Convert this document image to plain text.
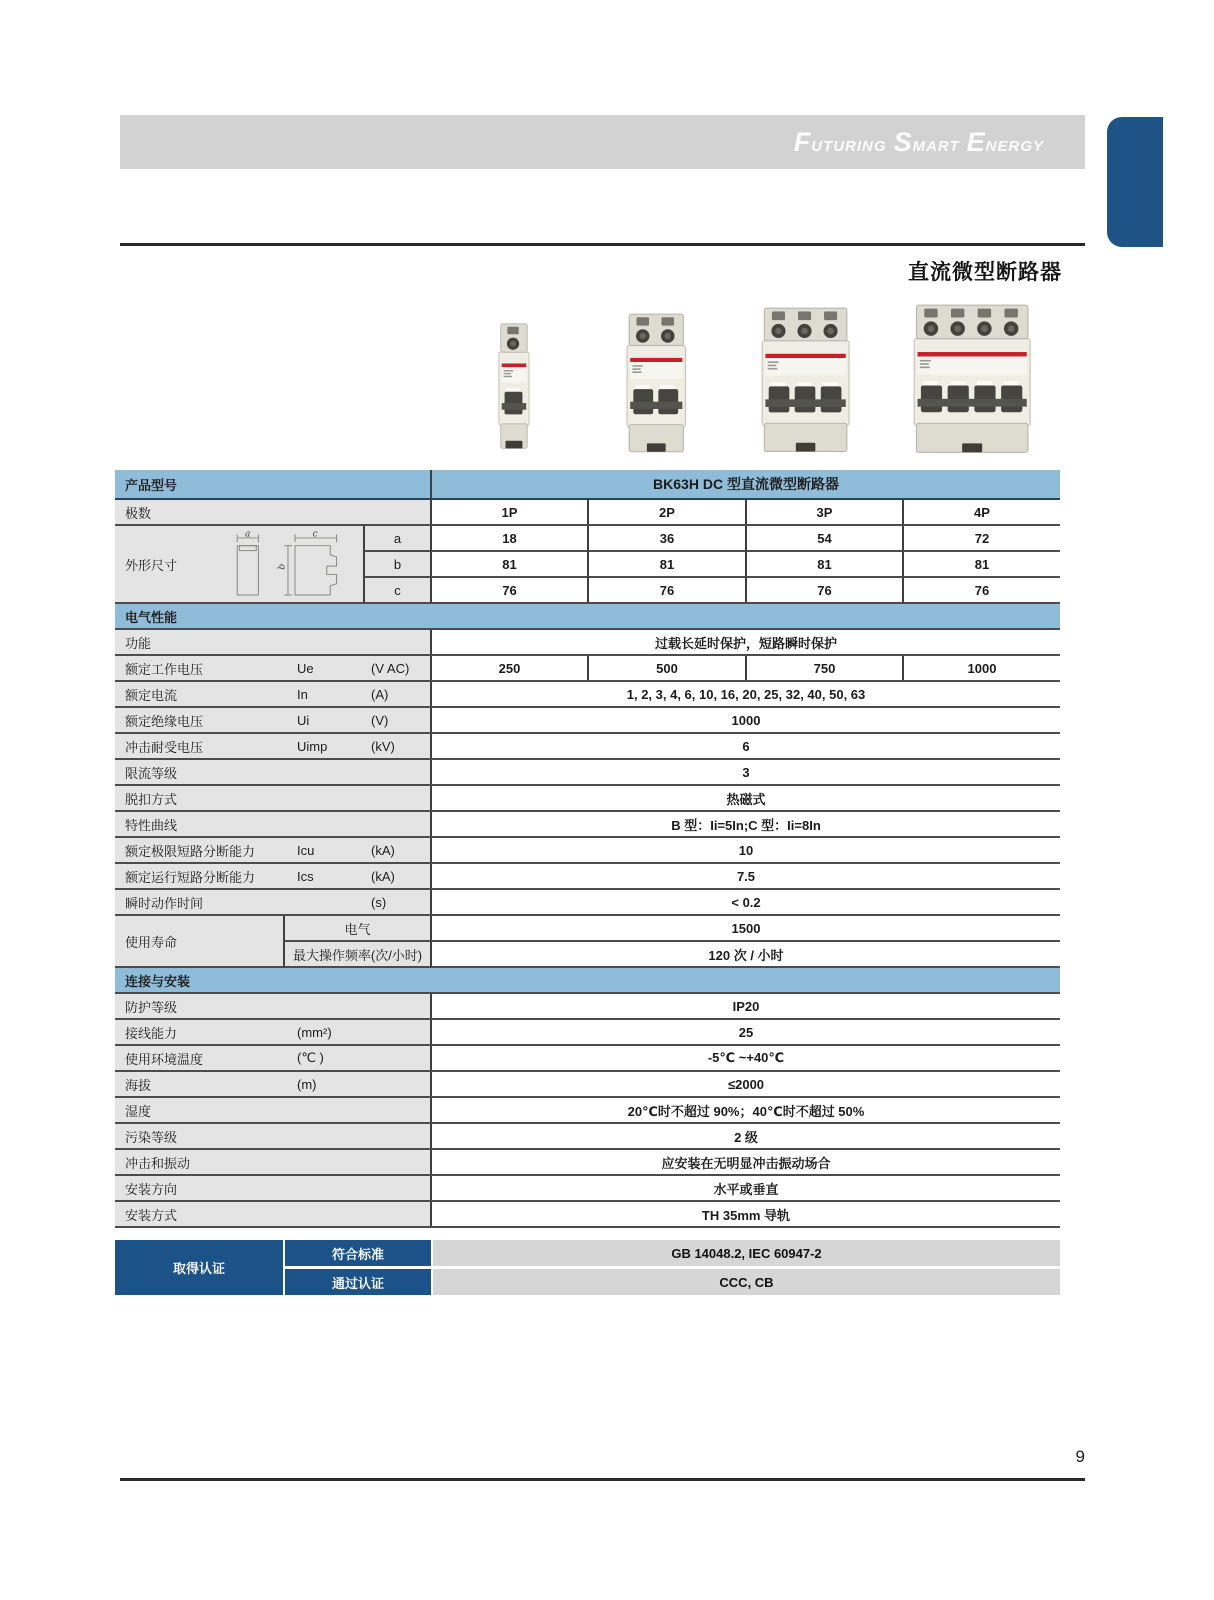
F UTURING S MART E NERGY
直流微型断路器
产品型号	BK63H DC 型直流微型断路器
极数	1P	2P	3P	4P
外形尺寸
a	c
b
a	18	36	54	72
b	81	81	81	81
c	76	76	76	76
电气性能
功能	过载长延时保护，短路瞬时保护
额定工作电压	Ue	(V AC)	250	500	750	1000
额定电流	In	(A)	1, 2, 3, 4, 6, 10, 16, 20, 25, 32, 40, 50, 63
额定绝缘电压	Ui	(V)	1000
冲击耐受电压	Uimp	(kV)	6
限流等级	3
脱扣方式	热磁式
特性曲线	B 型：Ii=5In;C 型：Ii=8In
额定极限短路分断能力	Icu	(kA)	10
额定运行短路分断能力	Ics	(kA)	7.5
瞬时动作时间	(s)	< 0.2
使用寿命
电气	1500
最大操作频率(次/小时)	120 次 / 小时
连接与安装
防护等级	IP20
接线能力	(mm²)	25
使用环境温度	(℃ )	-5℃ ~+40℃
海拔	(m)	≤2000
湿度	20℃时不超过 90%；40℃时不超过 50%
污染等级	2 级
冲击和振动	应安装在无明显冲击振动场合
安装方向	水平或垂直
安装方式	TH 35mm 导轨
取得认证
符合标准	GB 14048.2, IEC 60947-2
通过认证	CCC, CB
9
